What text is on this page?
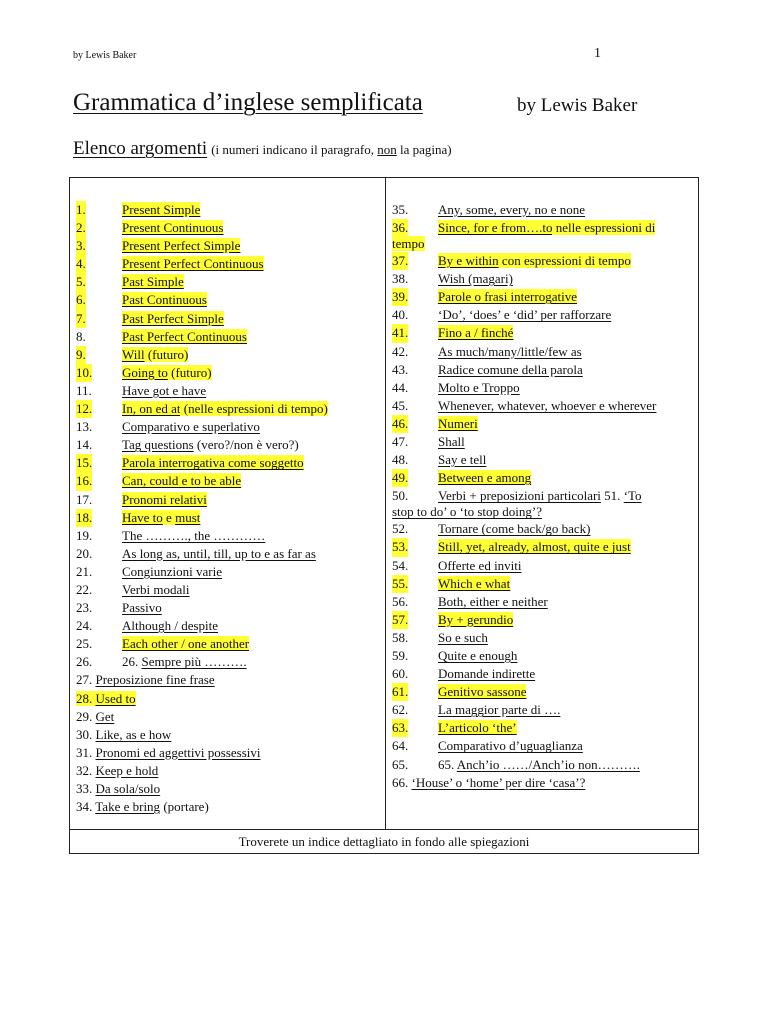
by Lewis Baker	1
Grammatica d’inglese semplificata	by Lewis Baker
Elenco argomenti (i numeri indicano il paragrafo, non la pagina)
1.	Present Simple
2.	Present Continuous
3.	Present Perfect Simple
4.	Present Perfect Continuous
5.	Past Simple
6.	Past Continuous
7.	Past Perfect Simple
8.	Past Perfect Continuous
9.	Will (futuro)
10. Going to (futuro)
11. Have got e have
12. In, on ed at (nelle espressioni di tempo)
13. Comparativo e superlativo
14. Tag questions (vero?/non è vero?)
15. Parola interrogativa come soggetto
16. Can, could e to be able
17. Pronomi relativi
18. Have to e must
19. The ………., the …………
20. As long as, until, till, up to e as far as
21. Congiunzioni varie
22. Verbi modali
23. Passivo
24. Although / despite
25. Each other / one another
26. 26. Sempre più ……….
27. Preposizione fine frase
28. Used to
29. Get
30. Like, as e how
31. Pronomi ed aggettivi possessivi
32. Keep e hold
33. Da sola/solo
34. Take e bring (portare)
35. Any, some, every, no e none
36. Since, for e from….to nelle espressioni di
tempo
37. By e within con espressioni di tempo
38. Wish (magari)
39. Parole o frasi interrogative
40. ‘Do’, ‘does’ e ‘did’ per rafforzare
41. Fino a / finché
42. As much/many/little/few as
43. Radice comune della parola
44. Molto e Troppo
45. Whenever, whatever, whoever e wherever
46. Numeri
47. Shall
48. Say e tell
49. Between e among
50. Verbi + preposizioni particolari 51. ‘To
stop to do’ o ‘to stop doing’?
52. Tornare (come back/go back)
53. Still, yet, already, almost, quite e just
54. Offerte ed inviti
55. Which e what
56. Both, either e neither
57. By + gerundio
58. So e such
59. Quite e enough
60. Domande indirette
61. Genitivo sassone
62. La maggior parte di ….
63. L’articolo ‘the’
64. Comparativo d’uguaglianza
65. 65. Anch’io ……/Anch’io non……….
66. ‘House’ o ‘home’ per dire ‘casa’?
Troverete un indice dettagliato in fondo alle spiegazioni
